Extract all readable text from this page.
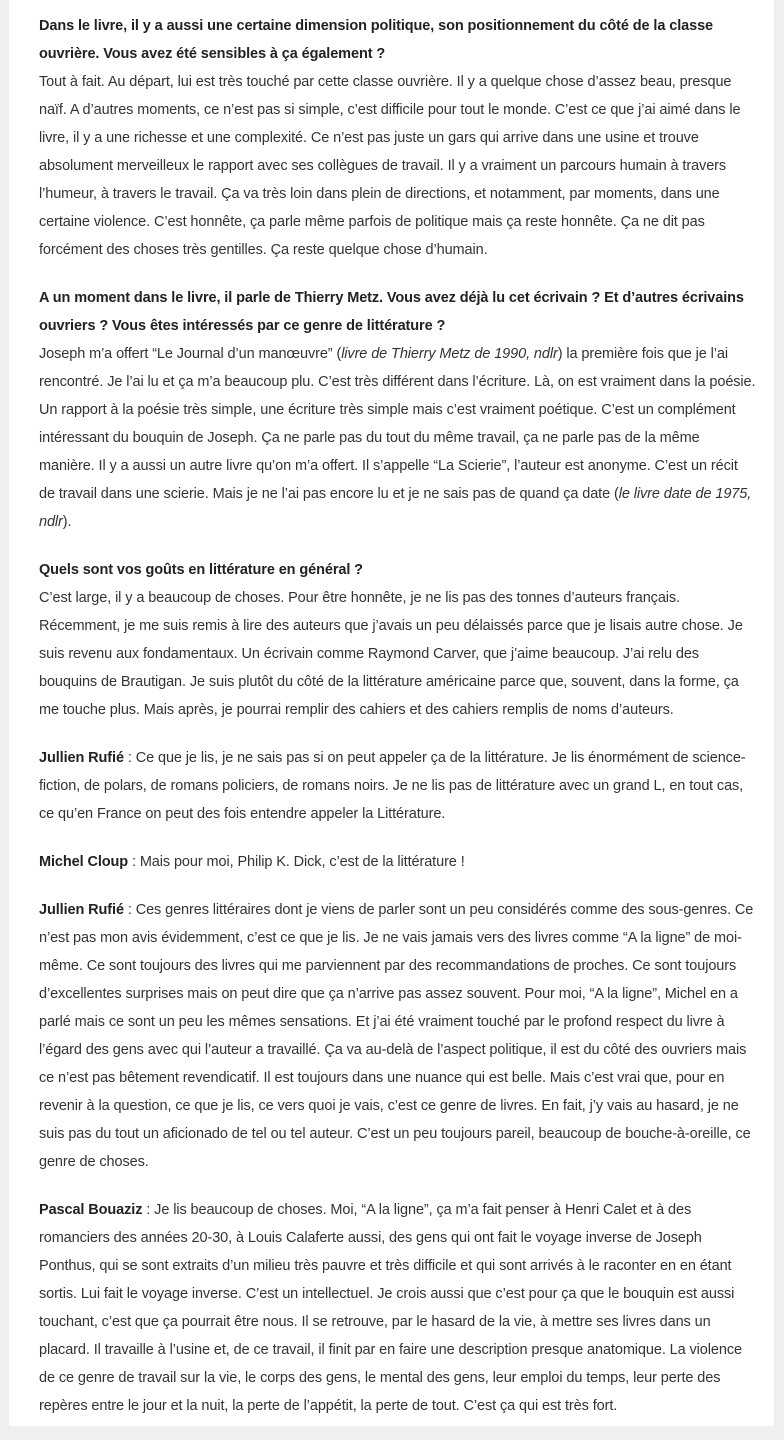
Dans le livre, il y a aussi une certaine dimension politique, son positionnement du côté de la classe ouvrière. Vous avez été sensibles à ça également ?
Tout à fait. Au départ, lui est très touché par cette classe ouvrière. Il y a quelque chose d’assez beau, presque naïf. A d’autres moments, ce n’est pas si simple, c’est difficile pour tout le monde. C’est ce que j’ai aimé dans le livre, il y a une richesse et une complexité. Ce n’est pas juste un gars qui arrive dans une usine et trouve absolument merveilleux le rapport avec ses collègues de travail. Il y a vraiment un parcours humain à travers l’humeur, à travers le travail. Ça va très loin dans plein de directions, et notamment, par moments, dans une certaine violence. C’est honnête, ça parle même parfois de politique mais ça reste honnête. Ça ne dit pas forcément des choses très gentilles. Ça reste quelque chose d’humain.

A un moment dans le livre, il parle de Thierry Metz. Vous avez déjà lu cet écrivain ? Et d’autres écrivains ouvriers ? Vous êtes intéressés par ce genre de littérature ?
Joseph m’a offert “Le Journal d’un manœuvre” (livre de Thierry Metz de 1990, ndlr) la première fois que je l’ai rencontré. Je l’ai lu et ça m’a beaucoup plu. C’est très différent dans l’écriture. Là, on est vraiment dans la poésie. Un rapport à la poésie très simple, une écriture très simple mais c’est vraiment poétique. C’est un complément intéressant du bouquin de Joseph. Ça ne parle pas du tout du même travail, ça ne parle pas de la même manière. Il y a aussi un autre livre qu’on m’a offert. Il s’appelle “La Scierie”, l’auteur est anonyme. C’est un récit de travail dans une scierie. Mais je ne l’ai pas encore lu et je ne sais pas de quand ça date (le livre date de 1975, ndlr).

Quels sont vos goûts en littérature en général ?
C’est large, il y a beaucoup de choses. Pour être honnête, je ne lis pas des tonnes d’auteurs français. Récemment, je me suis remis à lire des auteurs que j’avais un peu délaissés parce que je lisais autre chose. Je suis revenu aux fondamentaux. Un écrivain comme Raymond Carver, que j’aime beaucoup. J’ai relu des bouquins de Brautigan. Je suis plutôt du côté de la littérature américaine parce que, souvent, dans la forme, ça me touche plus. Mais après, je pourrai remplir des cahiers et des cahiers remplis de noms d’auteurs.

Jullien Rufié : Ce que je lis, je ne sais pas si on peut appeler ça de la littérature. Je lis énormément de science-fiction, de polars, de romans policiers, de romans noirs. Je ne lis pas de littérature avec un grand L, en tout cas, ce qu’en France on peut des fois entendre appeler la Littérature.

Michel Cloup : Mais pour moi, Philip K. Dick, c’est de la littérature !

Jullien Rufié : Ces genres littéraires dont je viens de parler sont un peu considérés comme des sous-genres. Ce n’est pas mon avis évidemment, c’est ce que je lis. Je ne vais jamais vers des livres comme “A la ligne” de moi-même. Ce sont toujours des livres qui me parviennent par des recommandations de proches. Ce sont toujours d’excellentes surprises mais on peut dire que ça n’arrive pas assez souvent. Pour moi, “A la ligne”, Michel en a parlé mais ce sont un peu les mêmes sensations. Et j’ai été vraiment touché par le profond respect du livre à l’égard des gens avec qui l’auteur a travaillé. Ça va au-delà de l’aspect politique, il est du côté des ouvriers mais ce n’est pas bêtement revendicatif. Il est toujours dans une nuance qui est belle. Mais c’est vrai que, pour en revenir à la question, ce que je lis, ce vers quoi je vais, c’est ce genre de livres. En fait, j’y vais au hasard, je ne suis pas du tout un aficionado de tel ou tel auteur. C’est un peu toujours pareil, beaucoup de bouche-à-oreille, ce genre de choses.

Pascal Bouaziz : Je lis beaucoup de choses. Moi, “A la ligne”, ça m’a fait penser à Henri Calet et à des romanciers des années 20-30, à Louis Calaferte aussi, des gens qui ont fait le voyage inverse de Joseph Ponthus, qui se sont extraits d’un milieu très pauvre et très difficile et qui sont arrivés à le raconter en en étant sortis. Lui fait le voyage inverse. C’est un intellectuel. Je crois aussi que c’est pour ça que le bouquin est aussi touchant, c’est que ça pourrait être nous. Il se retrouve, par le hasard de la vie, à mettre ses livres dans un placard. Il travaille à l’usine et, de ce travail, il finit par en faire une description presque anatomique. La violence de ce genre de travail sur la vie, le corps des gens, le mental des gens, leur emploi du temps, leur perte des repères entre le jour et la nuit, la perte de l’appétit, la perte de tout. C’est ça qui est très fort.
